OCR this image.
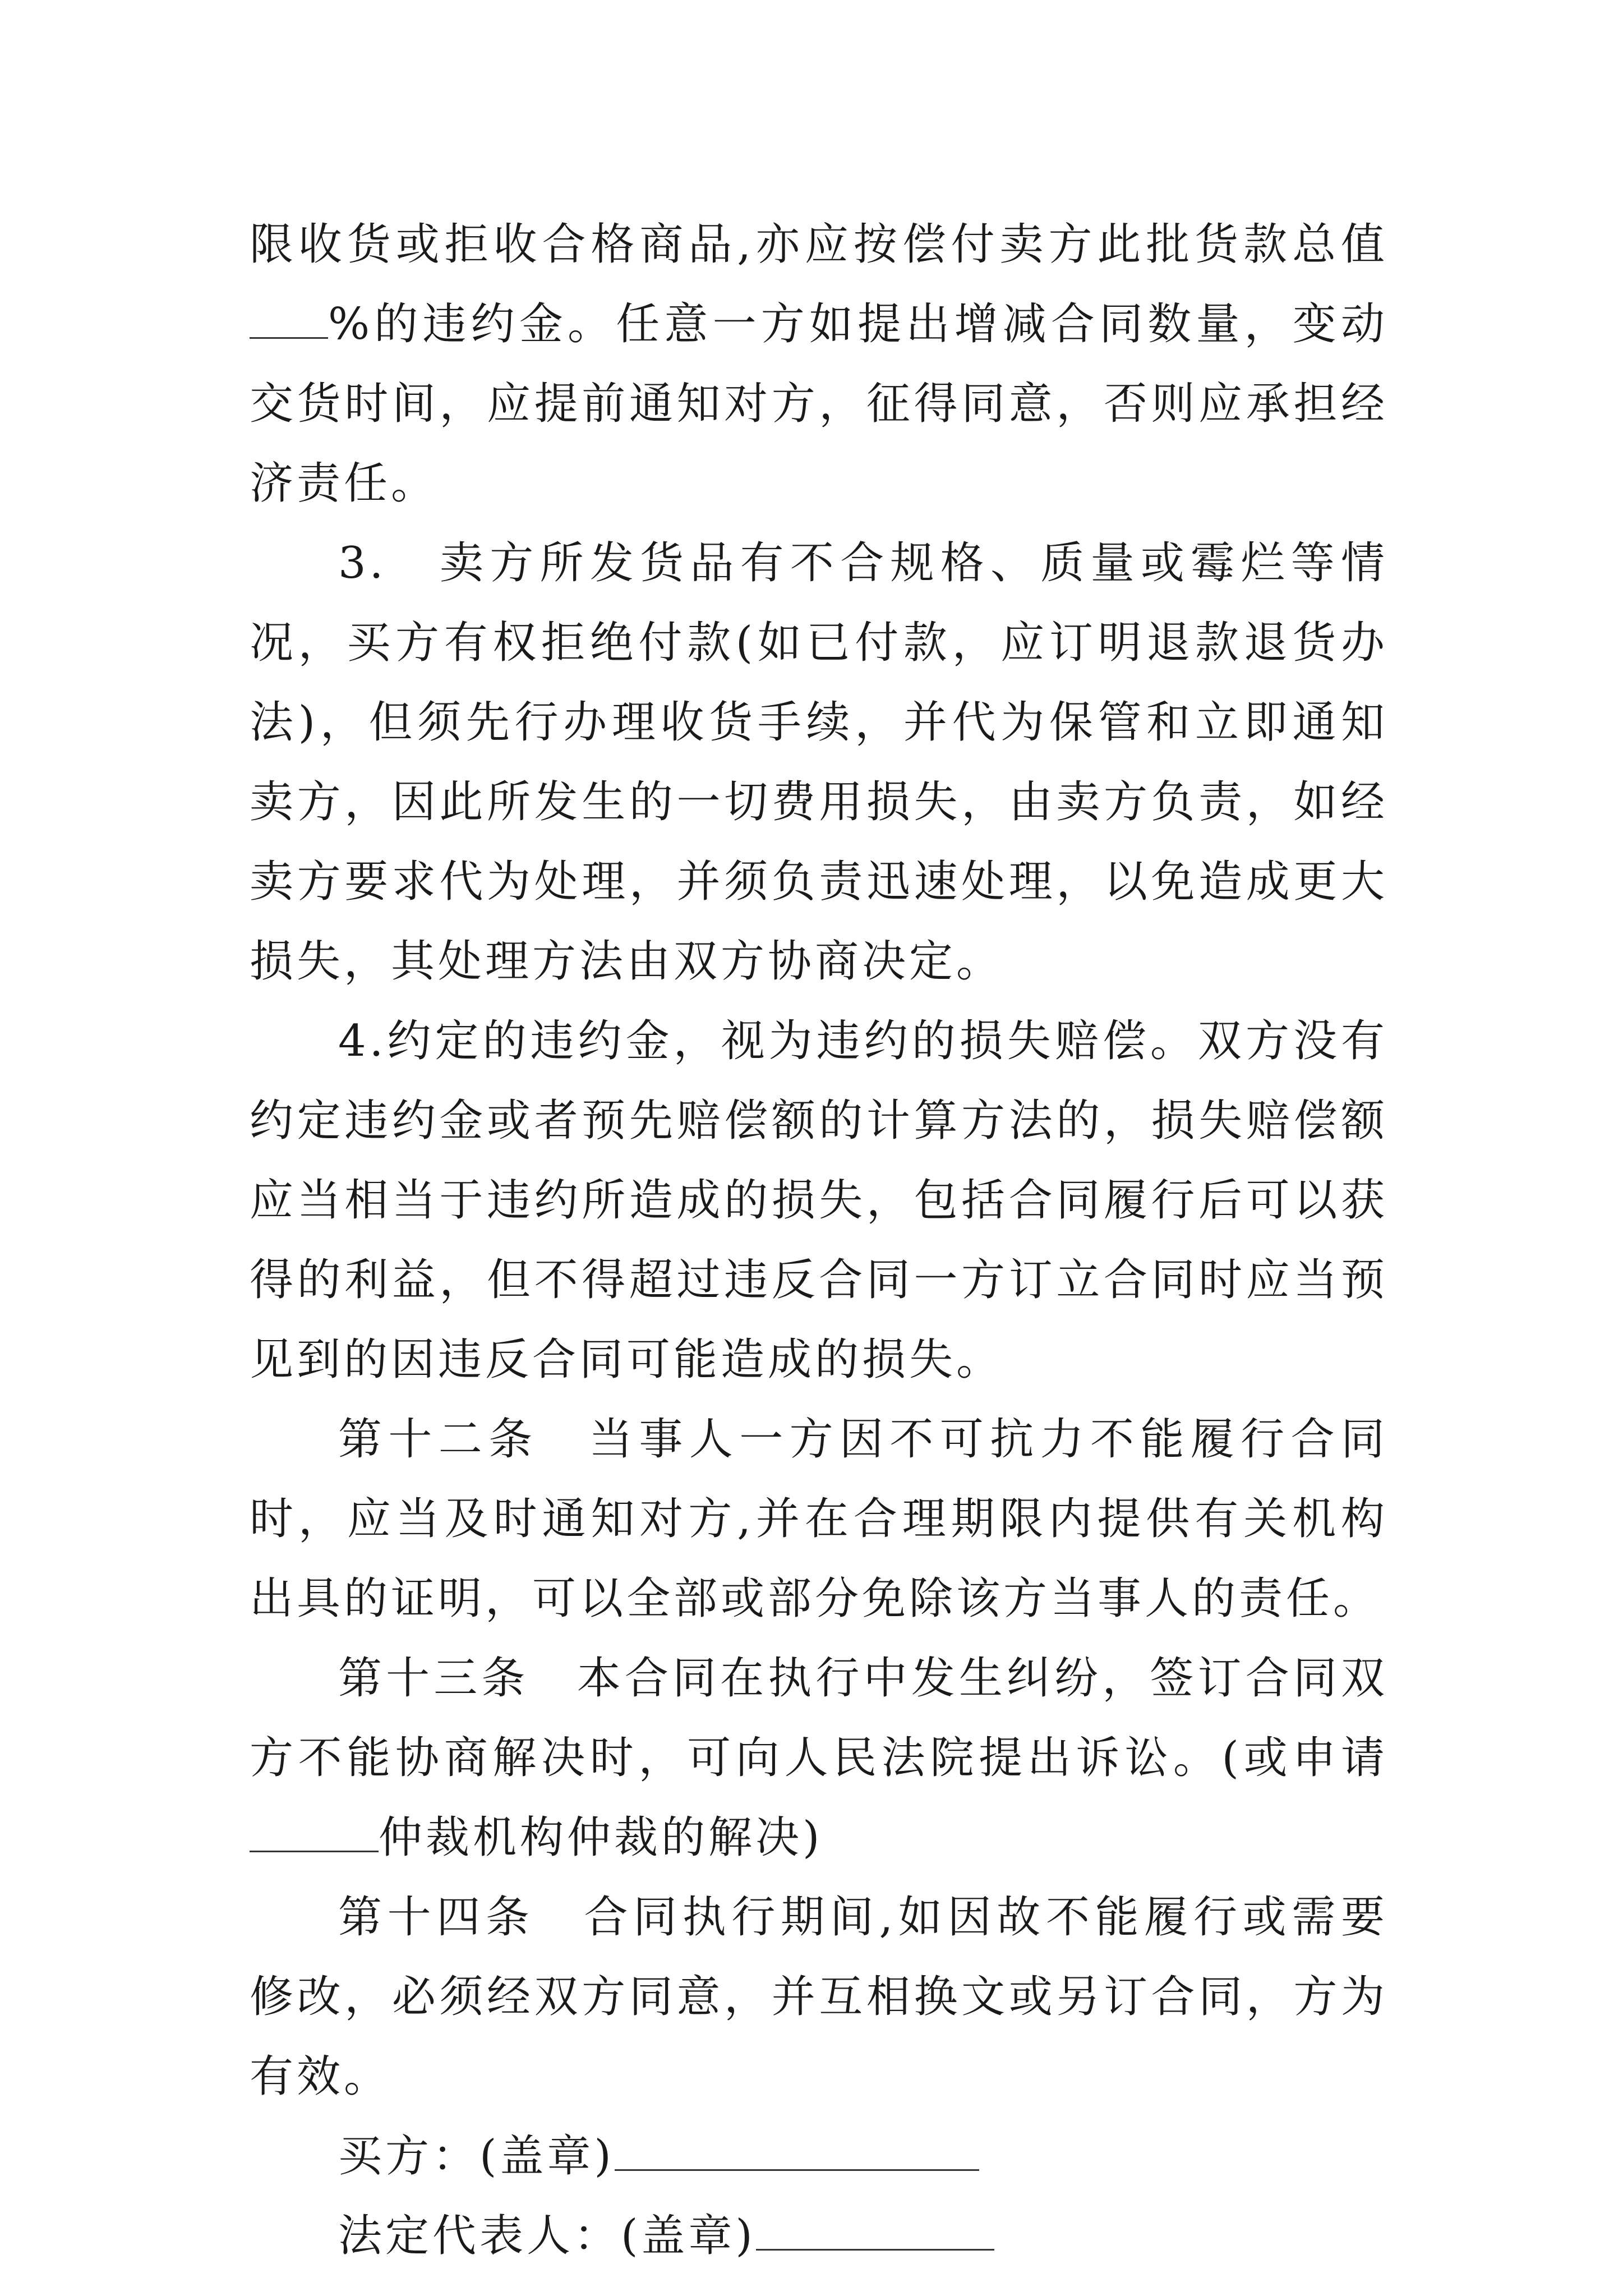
限收货或拒收合格商品,亦应按偿付卖方此批货款总值%的违约金。任意一方如提出增减合同数量，变动交货时间，应提前通知对方，征得同意，否则应承担经济责任。

3.　卖方所发货品有不合规格、质量或霉烂等情况，买方有权拒绝付款(如已付款，应订明退款退货办法)，但须先行办理收货手续，并代为保管和立即通知卖方，因此所发生的一切费用损失，由卖方负责，如经卖方要求代为处理，并须负责迅速处理，以免造成更大损失，其处理方法由双方协商决定。

4.约定的违约金，视为违约的损失赔偿。双方没有约定违约金或者预先赔偿额的计算方法的，损失赔偿额应当相当于违约所造成的损失，包括合同履行后可以获得的利益，但不得超过违反合同一方订立合同时应当预见到的因违反合同可能造成的损失。

第十二条　当事人一方因不可抗力不能履行合同时，应当及时通知对方,并在合理期限内提供有关机构出具的证明，可以全部或部分免除该方当事人的责任。

第十三条　本合同在执行中发生纠纷，签订合同双方不能协商解决时，可向人民法院提出诉讼。(或申请仲裁机构仲裁的解决)

第十四条　合同执行期间,如因故不能履行或需要修改，必须经双方同意，并互相换文或另订合同，方为有效。

买方：(盖章)

法定代表人：(盖章)
